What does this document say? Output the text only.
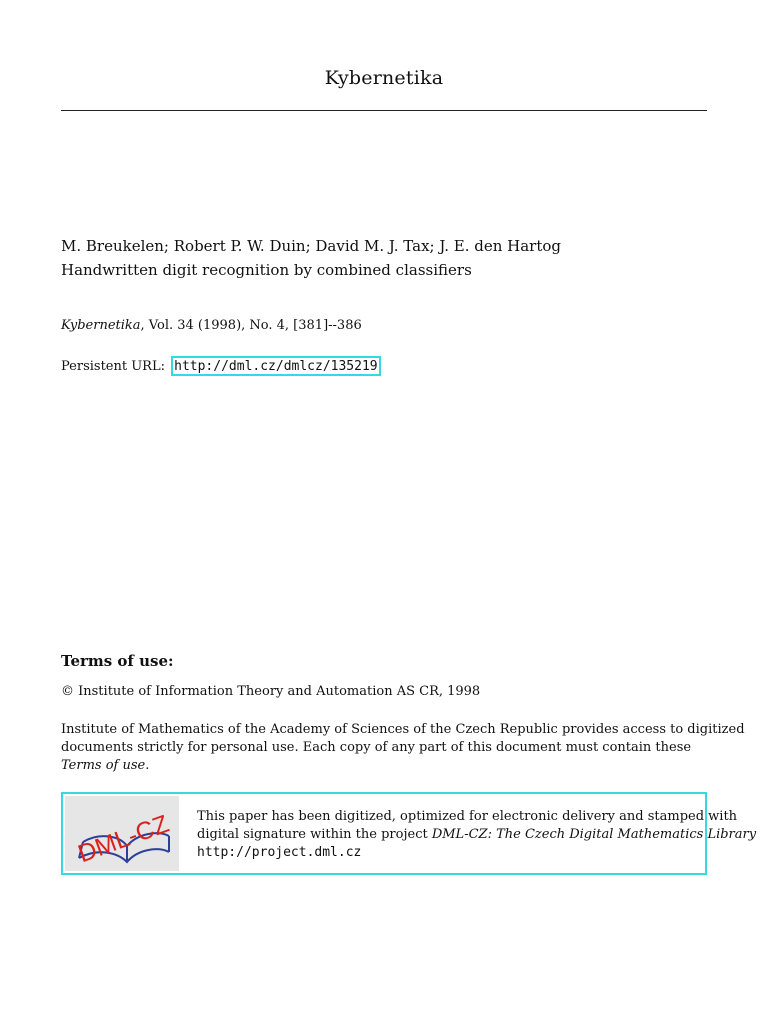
Kybernetika
M. Breukelen; Robert P. W. Duin; David M. J. Tax; J. E. den Hartog
Handwritten digit recognition by combined classifiers
Kybernetika, Vol. 34 (1998), No. 4, [381]--386
Persistent URL: http://dml.cz/dmlcz/135219
Terms of use:
© Institute of Information Theory and Automation AS CR, 1998
Institute of Mathematics of the Academy of Sciences of the Czech Republic provides access to digitized
documents strictly for personal use. Each copy of any part of this document must contain these
Terms of use.
DML-CZ This paper has been digitized, optimized for electronic delivery and stamped with
digital signature within the project DML-CZ: The Czech Digital Mathematics Library
http://project.dml.cz
